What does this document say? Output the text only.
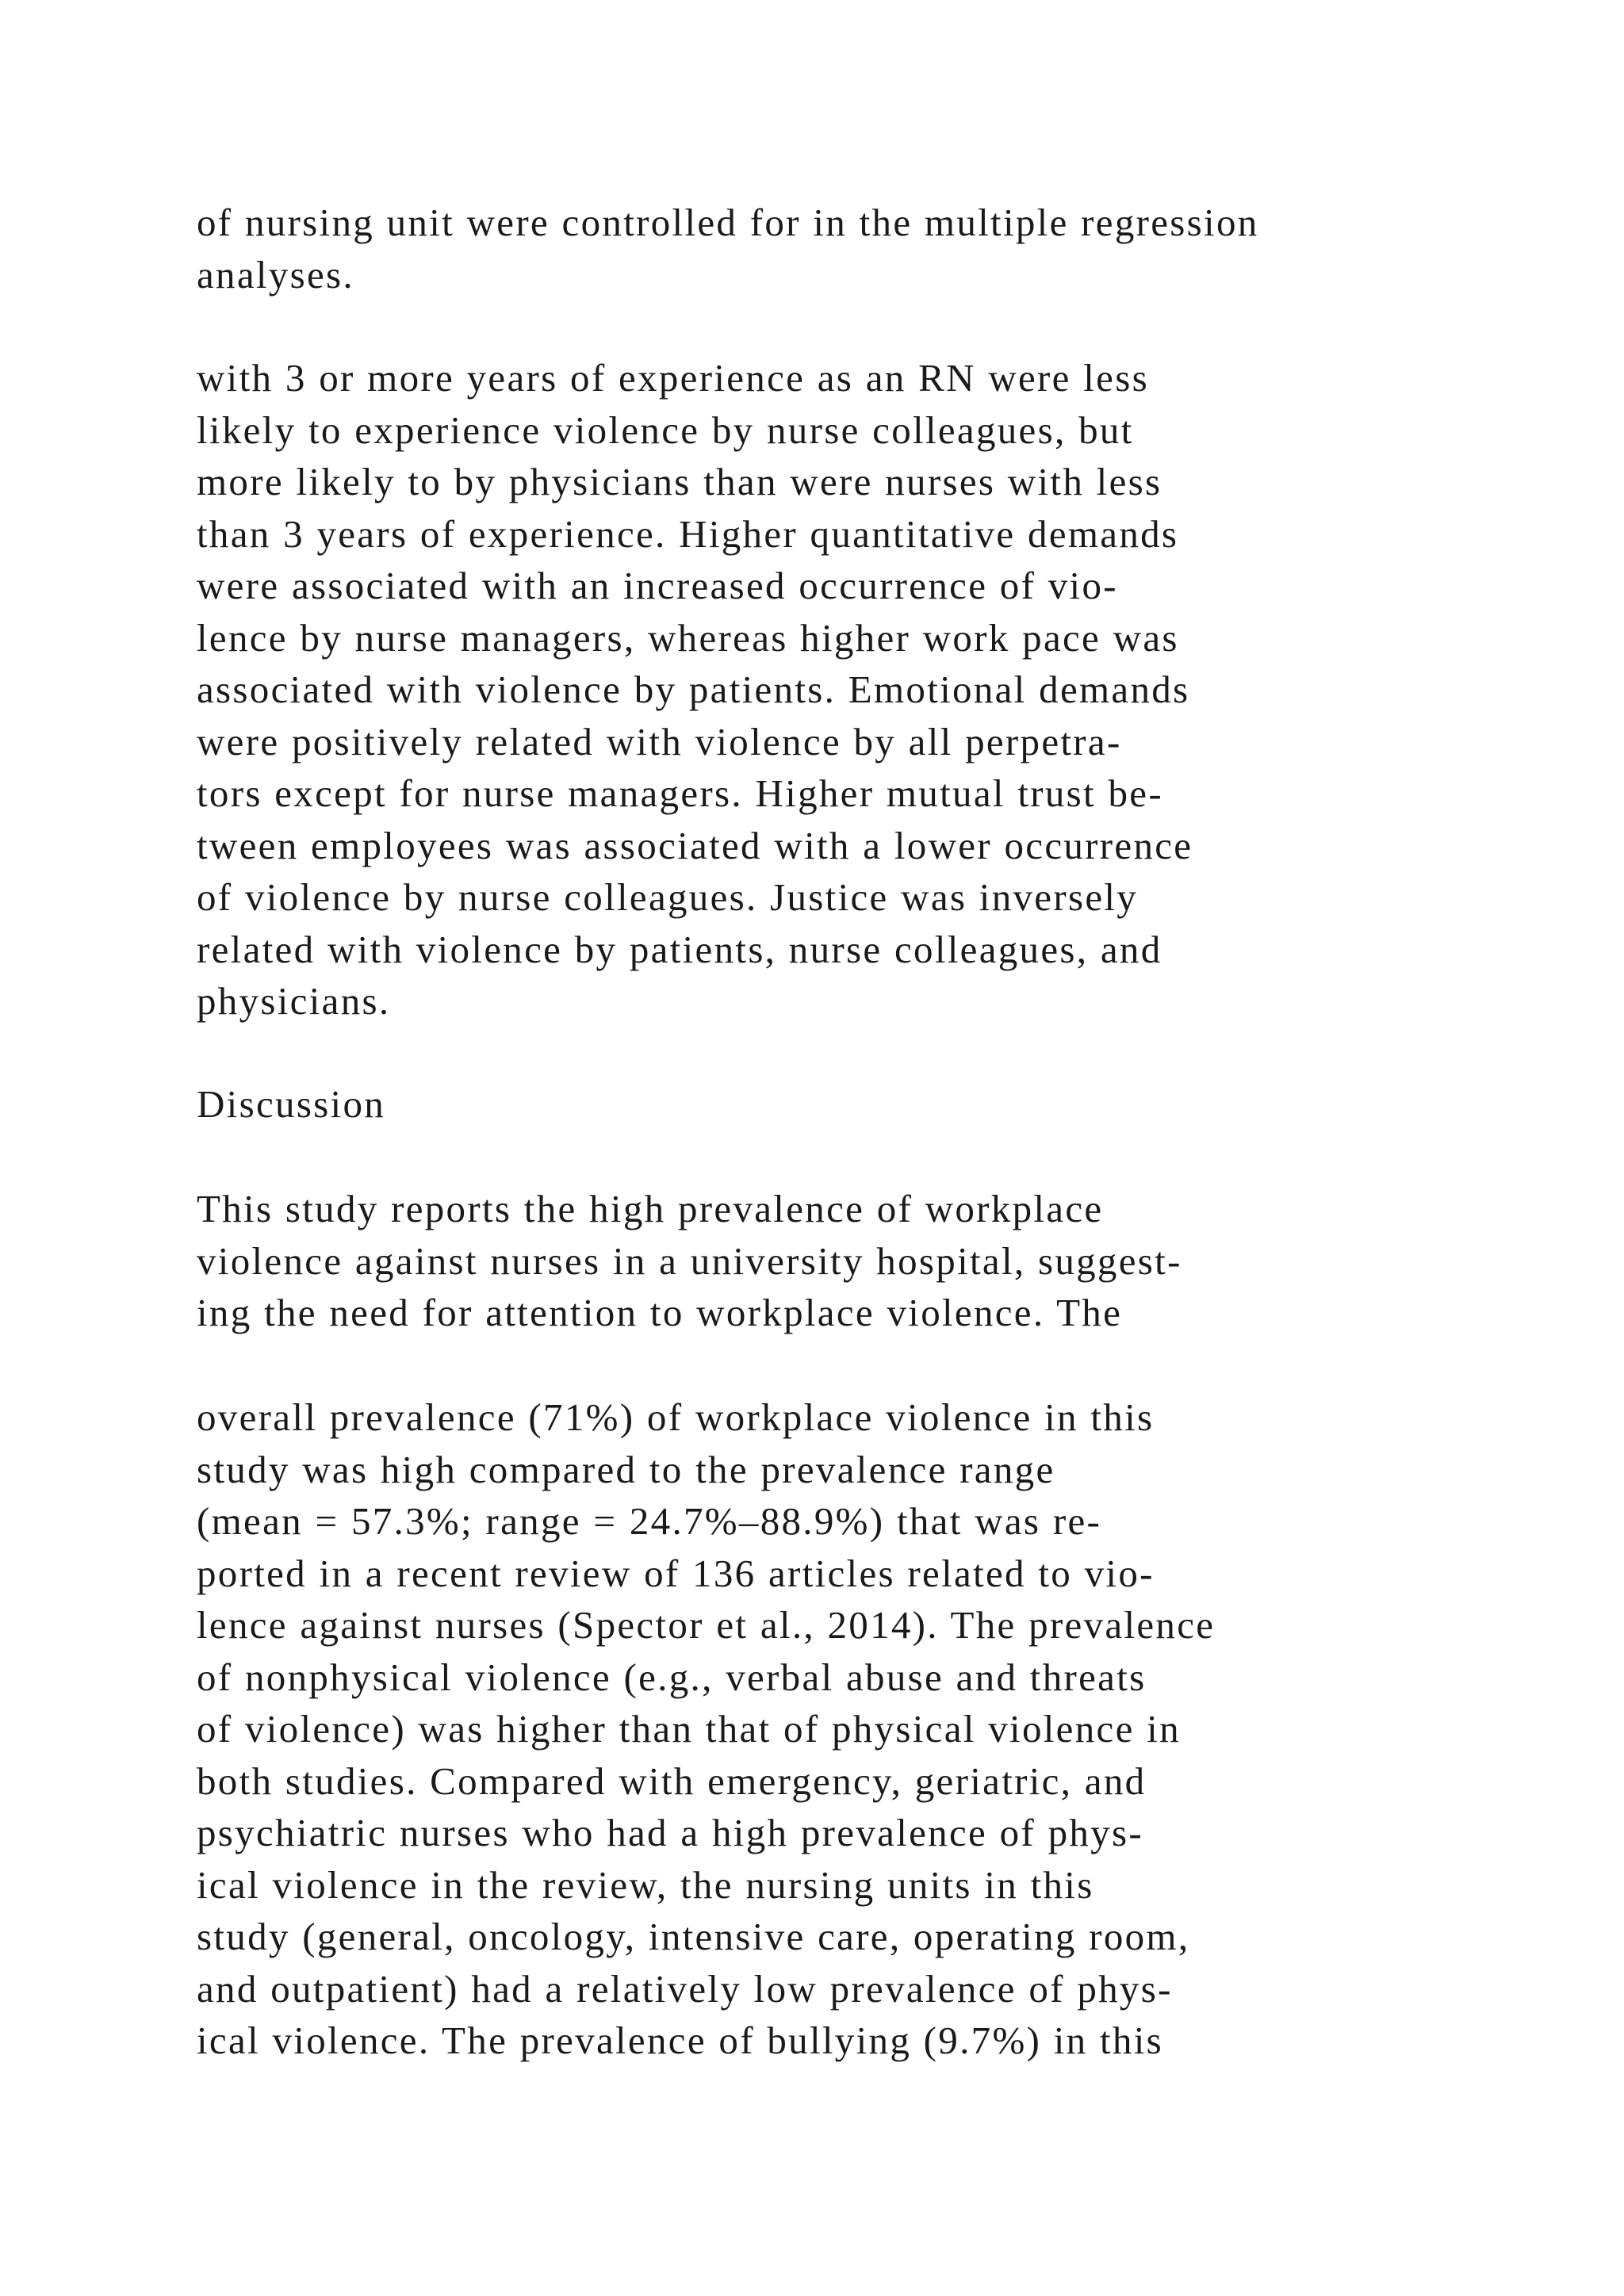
of nursing unit were controlled for in the multiple regression
analyses.
with 3 or more years of experience as an RN were less
likely to experience violence by nurse colleagues, but
more likely to by physicians than were nurses with less
than 3 years of experience. Higher quantitative demands
were associated with an increased occurrence of vio-
lence by nurse managers, whereas higher work pace was
associated with violence by patients. Emotional demands
were positively related with violence by all perpetra-
tors except for nurse managers. Higher mutual trust be-
tween employees was associated with a lower occurrence
of violence by nurse colleagues. Justice was inversely
related with violence by patients, nurse colleagues, and
physicians.
Discussion
This study reports the high prevalence of workplace
violence against nurses in a university hospital, suggest-
ing the need for attention to workplace violence. The
overall prevalence (71%) of workplace violence in this
study was high compared to the prevalence range
(mean = 57.3%; range = 24.7%–88.9%) that was re-
ported in a recent review of 136 articles related to vio-
lence against nurses (Spector et al., 2014). The prevalence
of nonphysical violence (e.g., verbal abuse and threats
of violence) was higher than that of physical violence in
both studies. Compared with emergency, geriatric, and
psychiatric nurses who had a high prevalence of phys-
ical violence in the review, the nursing units in this
study (general, oncology, intensive care, operating room,
and outpatient) had a relatively low prevalence of phys-
ical violence. The prevalence of bullying (9.7%) in this
